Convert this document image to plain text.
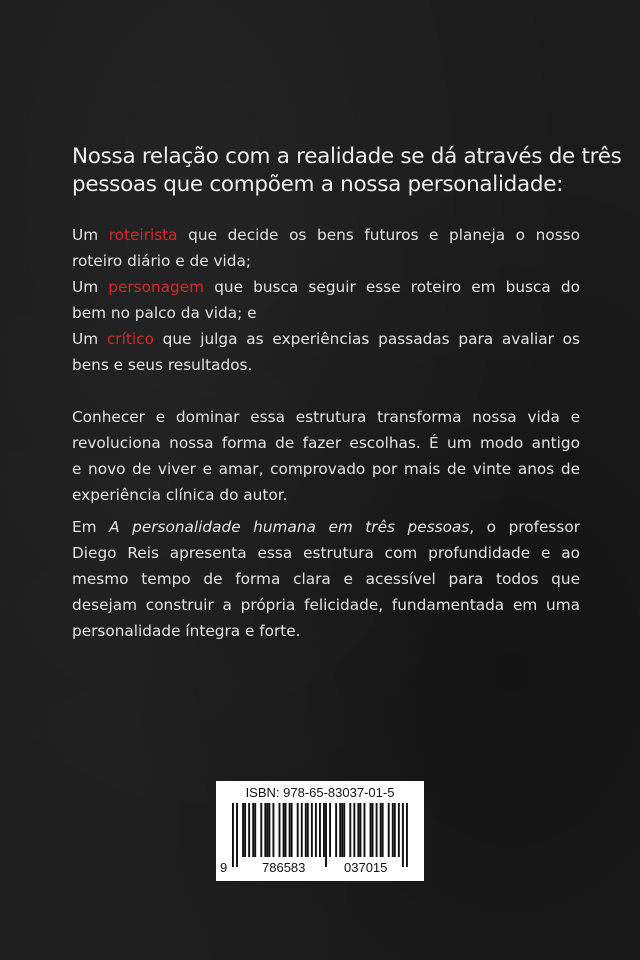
Nossa relação com a realidade se dá através de três
pessoas que compõem a nossa personalidade:

Um roteirista que decide os bens futuros e planeja o nosso
roteiro diário e de vida;

Um personagem que busca seguir esse roteiro em busca do
bem no palco da vida; e

Um crítico que julga as experiências passadas para avaliar os
bens e seus resultados.

Conhecer e dominar essa estrutura transforma nossa vida e
revoluciona nossa forma de fazer escolhas. É um modo antigo
e novo de viver e amar, comprovado por mais de vinte anos de
experiência clínica do autor.
Em A personalidade humana em três pessoas, o professor
Diego Reis apresenta essa estrutura com profundidade e ao
mesmo tempo de forma clara e acessível para todos que
desejam construir a própria felicidade, fundamentada em uma
personalidade íntegra e forte.
ISBN: 978-65-83037-01-5
9	786583	037015
